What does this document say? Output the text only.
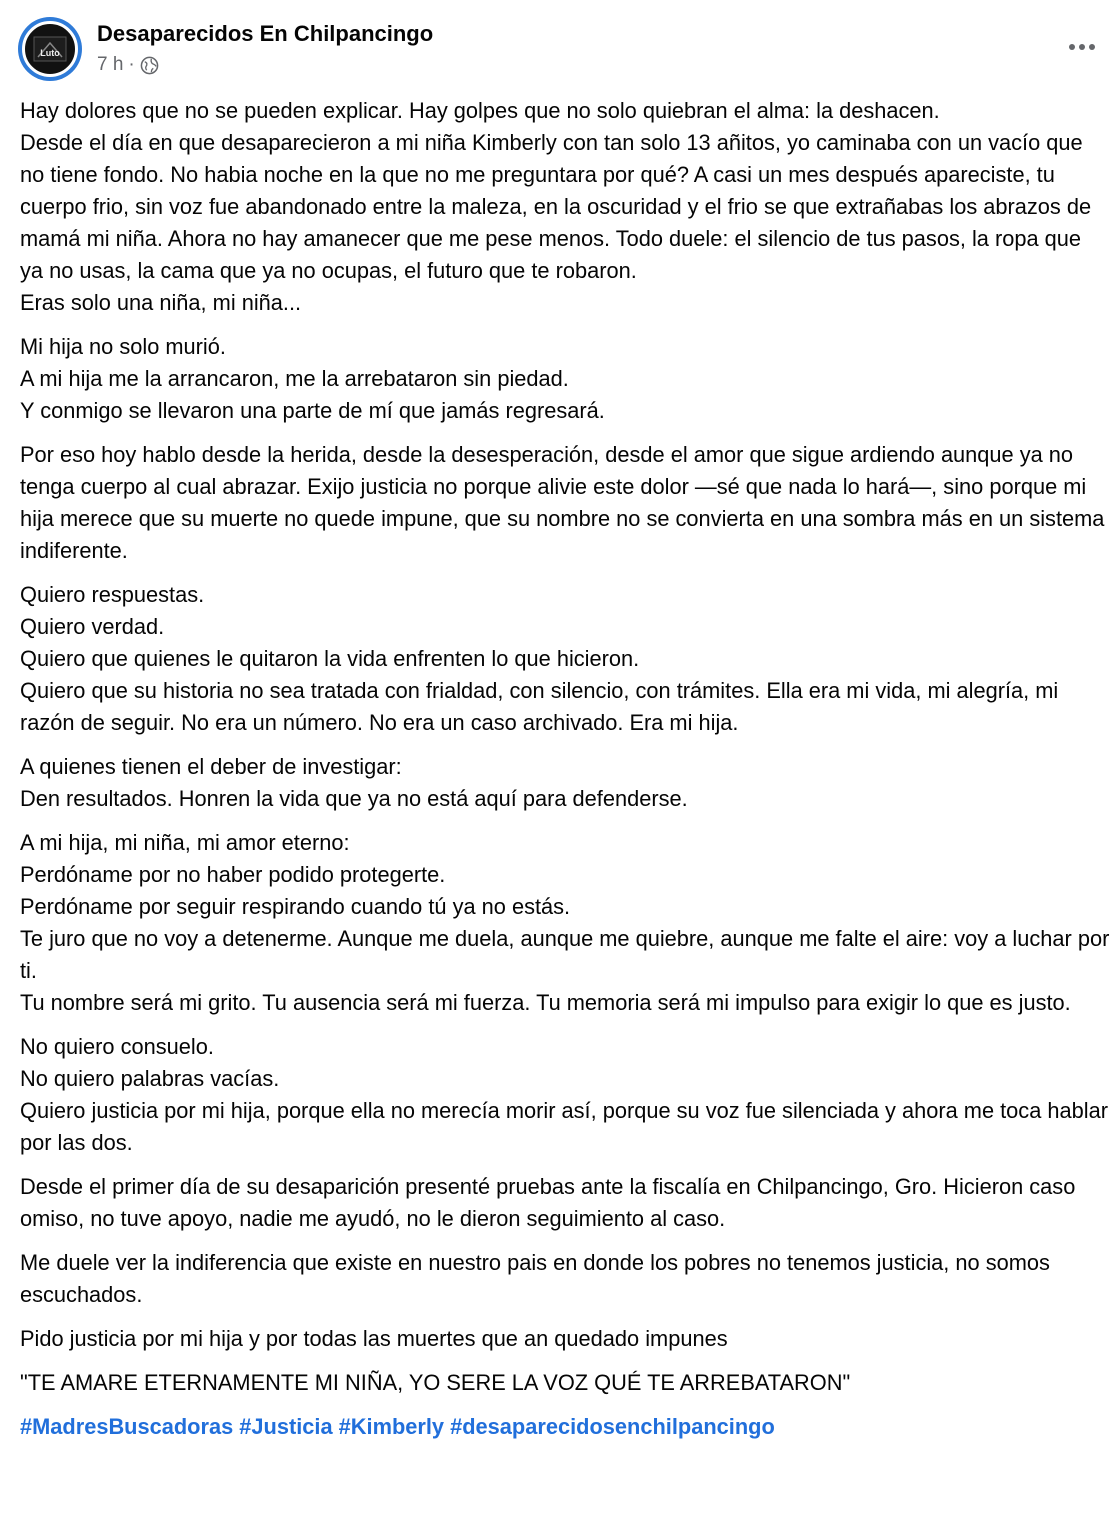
Luto
Desaparecidos En Chilpancingo
7 h ·

Hay dolores que no se pueden explicar. Hay golpes que no solo quiebran el alma: la deshacen.
Desde el día en que desaparecieron a mi niña Kimberly con tan solo 13 añitos, yo caminaba con un vacío que no tiene fondo. No habia noche en la que no me preguntara por qué? A casi un mes después apareciste, tu cuerpo frio, sin voz fue abandonado entre la maleza, en la oscuridad y el frio se que extrañabas los abrazos de mamá mi niña. Ahora no hay amanecer que me pese menos. Todo duele: el silencio de tus pasos, la ropa que ya no usas, la cama que ya no ocupas, el futuro que te robaron.
Eras solo una niña, mi niña...

Mi hija no solo murió.
A mi hija me la arrancaron, me la arrebataron sin piedad.
Y conmigo se llevaron una parte de mí que jamás regresará.

Por eso hoy hablo desde la herida, desde la desesperación, desde el amor que sigue ardiendo aunque ya no tenga cuerpo al cual abrazar. Exijo justicia no porque alivie este dolor —sé que nada lo hará—, sino porque mi hija merece que su muerte no quede impune, que su nombre no se convierta en una sombra más en un sistema indiferente.

Quiero respuestas.
Quiero verdad.
Quiero que quienes le quitaron la vida enfrenten lo que hicieron.
Quiero que su historia no sea tratada con frialdad, con silencio, con trámites. Ella era mi vida, mi alegría, mi razón de seguir. No era un número. No era un caso archivado. Era mi hija.

A quienes tienen el deber de investigar:
Den resultados. Honren la vida que ya no está aquí para defenderse.

A mi hija, mi niña, mi amor eterno:
Perdóname por no haber podido protegerte.
Perdóname por seguir respirando cuando tú ya no estás.
Te juro que no voy a detenerme. Aunque me duela, aunque me quiebre, aunque me falte el aire: voy a luchar por ti.
Tu nombre será mi grito. Tu ausencia será mi fuerza. Tu memoria será mi impulso para exigir lo que es justo.

No quiero consuelo.
No quiero palabras vacías.
Quiero justicia por mi hija, porque ella no merecía morir así, porque su voz fue silenciada y ahora me toca hablar por las dos.

Desde el primer día de su desaparición presenté pruebas ante la fiscalía en Chilpancingo, Gro. Hicieron caso omiso, no tuve apoyo, nadie me ayudó, no le dieron seguimiento al caso.

Me duele ver la indiferencia que existe en nuestro pais en donde los pobres no tenemos justicia, no somos escuchados.

Pido justicia por mi hija y por todas las muertes que an quedado impunes

"TE AMARE ETERNAMENTE MI NIÑA, YO SERE LA VOZ QUÉ TE ARREBATARON"

#MadresBuscadoras #Justicia #Kimberly #desaparecidosenchilpancingo
